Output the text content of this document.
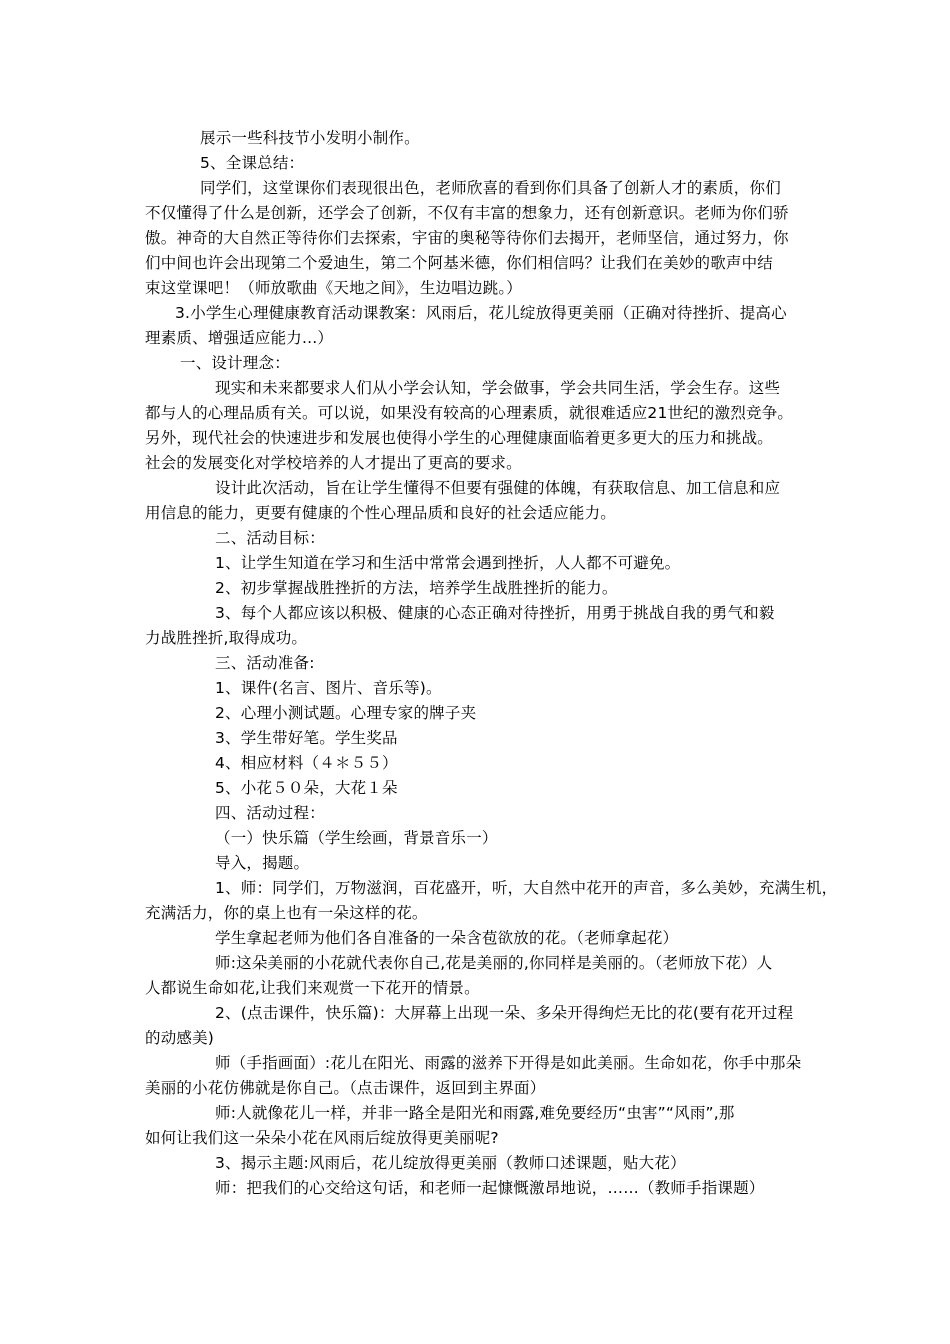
展示一些科技节小发明小制作。
5、全课总结：
同学们，这堂课你们表现很出色，老师欣喜的看到你们具备了创新人才的素质，你们
不仅懂得了什么是创新，还学会了创新，不仅有丰富的想象力，还有创新意识。老师为你们骄
傲。神奇的大自然正等待你们去探索，宇宙的奥秘等待你们去揭开，老师坚信，通过努力，你
们中间也许会出现第二个爱迪生，第二个阿基米德，你们相信吗？让我们在美妙的歌声中结
束这堂课吧！（师放歌曲《天地之间》，生边唱边跳。）
3.小学生心理健康教育活动课教案：风雨后，花儿绽放得更美丽（正确对待挫折、提高心
理素质、增强适应能力...）
一、设计理念：
现实和未来都要求人们从小学会认知，学会做事，学会共同生活，学会生存。这些
都与人的心理品质有关。可以说，如果没有较高的心理素质，就很难适应21世纪的激烈竞争。
另外，现代社会的快速进步和发展也使得小学生的心理健康面临着更多更大的压力和挑战。
社会的发展变化对学校培养的人才提出了更高的要求。
设计此次活动，旨在让学生懂得不但要有强健的体魄，有获取信息、加工信息和应
用信息的能力，更要有健康的个性心理品质和良好的社会适应能力。
二、活动目标：
1、让学生知道在学习和生活中常常会遇到挫折，人人都不可避免。
2、初步掌握战胜挫折的方法，培养学生战胜挫折的能力。
3、每个人都应该以积极、健康的心态正确对待挫折，用勇于挑战自我的勇气和毅
力战胜挫折,取得成功。
三、活动准备:
1、课件(名言、图片、音乐等)。
2、心理小测试题。心理专家的牌子夹
3、学生带好笔。学生奖品
4、相应材料（４＊５５）
5、小花５０朵，大花１朵
四、活动过程：
（一）快乐篇（学生绘画，背景音乐一）
导入，揭题。
1、师：同学们，万物滋润，百花盛开，听，大自然中花开的声音，多么美妙，充满生机，
充满活力，你的桌上也有一朵这样的花。
学生拿起老师为他们各自准备的一朵含苞欲放的花。（老师拿起花）
师:这朵美丽的小花就代表你自己,花是美丽的,你同样是美丽的。（老师放下花）人
人都说生命如花,让我们来观赏一下花开的情景。
2、(点击课件，快乐篇)：大屏幕上出现一朵、多朵开得绚烂无比的花(要有花开过程
的动感美)
师（手指画面）:花儿在阳光、雨露的滋养下开得是如此美丽。生命如花，你手中那朵
美丽的小花仿佛就是你自己。（点击课件，返回到主界面）
师:人就像花儿一样，并非一路全是阳光和雨露,难免要经历“虫害”“风雨”,那
如何让我们这一朵朵小花在风雨后绽放得更美丽呢?
3、揭示主题:风雨后，花儿绽放得更美丽（教师口述课题，贴大花）
师：把我们的心交给这句话，和老师一起慷慨激昂地说，……（教师手指课题）
